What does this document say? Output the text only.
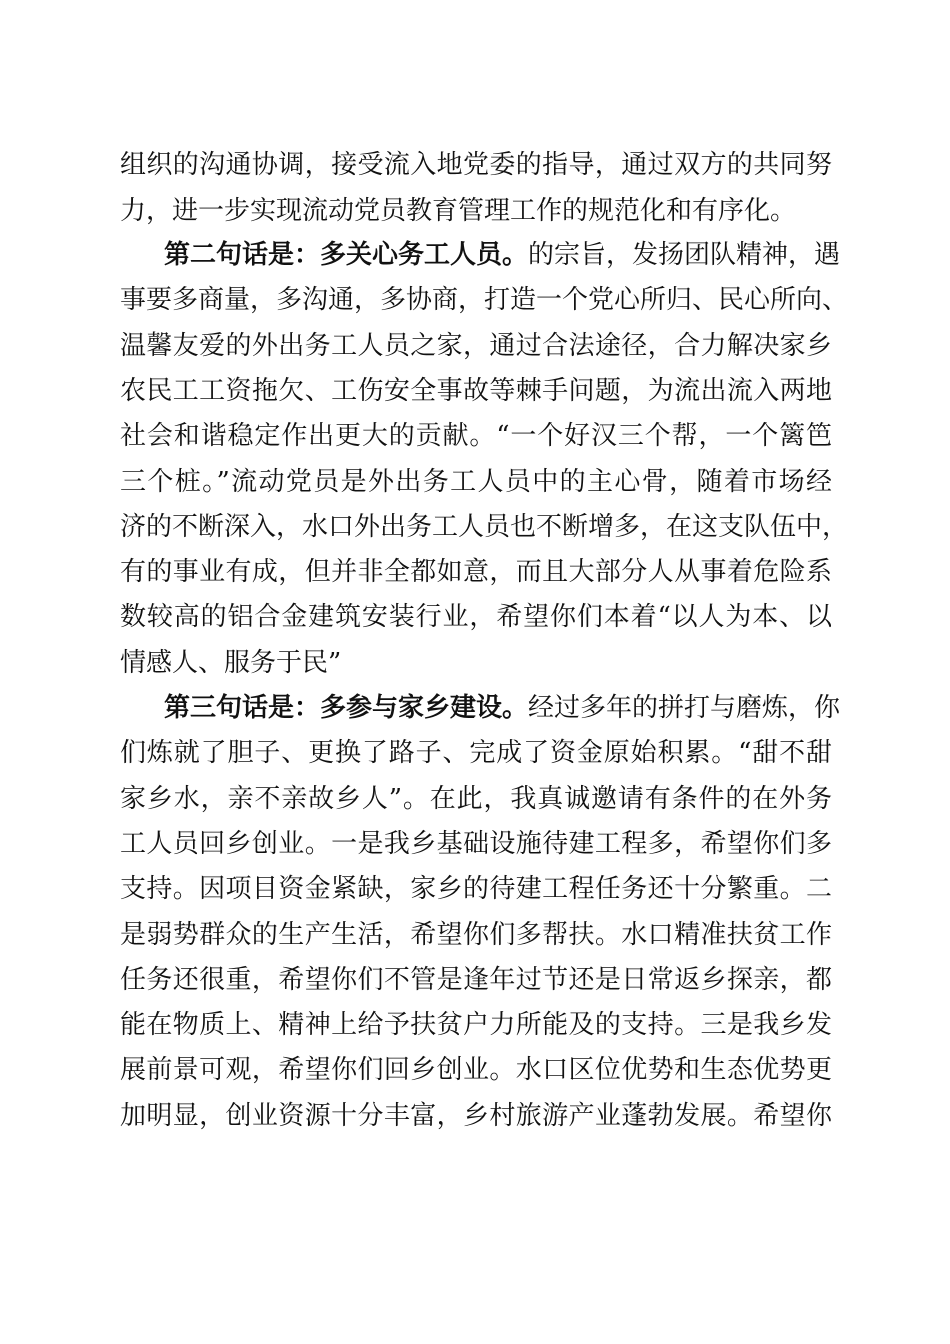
组织的沟通协调，接受流入地党委的指导，通过双方的共同努
力，进一步实现流动党员教育管理工作的规范化和有序化。
第二句话是：多关心务工人员。的宗旨，发扬团队精神，遇
事要多商量，多沟通，多协商，打造一个党心所归、民心所向、
温馨友爱的外出务工人员之家，通过合法途径，合力解决家乡
农民工工资拖欠、工伤安全事故等棘手问题，为流出流入两地
社会和谐稳定作出更大的贡献。“一个好汉三个帮，一个篱笆
三个桩。”流动党员是外出务工人员中的主心骨，随着市场经
济的不断深入，水口外出务工人员也不断增多，在这支队伍中，
有的事业有成，但并非全都如意，而且大部分人从事着危险系
数较高的铝合金建筑安装行业，希望你们本着“以人为本、以
情感人、服务于民”
第三句话是：多参与家乡建设。经过多年的拼打与磨炼，你
们炼就了胆子、更换了路子、完成了资金原始积累。“甜不甜
家乡水，亲不亲故乡人”。在此，我真诚邀请有条件的在外务
工人员回乡创业。一是我乡基础设施待建工程多，希望你们多
支持。因项目资金紧缺，家乡的待建工程任务还十分繁重。二
是弱势群众的生产生活，希望你们多帮扶。水口精准扶贫工作
任务还很重，希望你们不管是逢年过节还是日常返乡探亲，都
能在物质上、精神上给予扶贫户力所能及的支持。三是我乡发
展前景可观，希望你们回乡创业。水口区位优势和生态优势更
加明显，创业资源十分丰富，乡村旅游产业蓬勃发展。希望你
